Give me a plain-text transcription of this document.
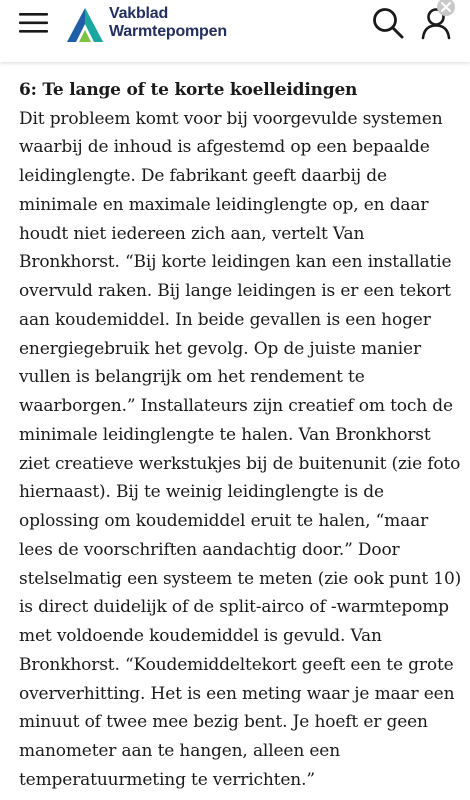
Vakblad
Warmtepompen
6: Te lange of te korte koelleidingen

Dit probleem komt voor bij voorgevulde systemen
waarbij de inhoud is afgestemd op een bepaalde
leidinglengte. De fabrikant geeft daarbij de
minimale en maximale leidinglengte op, en daar
houdt niet iedereen zich aan, vertelt Van
Bronkhorst. “Bij korte leidingen kan een installatie
overvuld raken. Bij lange leidingen is er een tekort
aan koudemiddel. In beide gevallen is een hoger
energiegebruik het gevolg. Op de juiste manier
vullen is belangrijk om het rendement te
waarborgen.” Installateurs zijn creatief om toch de
minimale leidinglengte te halen. Van Bronkhorst
ziet creatieve werkstukjes bij de buitenunit (zie foto
hiernaast). Bij te weinig leidinglengte is de
oplossing om koudemiddel eruit te halen, “maar
lees de voorschriften aandachtig door.” Door
stelselmatig een systeem te meten (zie ook punt 10)
is direct duidelijk of de split-airco of -warmtepomp
met voldoende koudemiddel is gevuld. Van
Bronkhorst. “Koudemiddeltekort geeft een te grote
oververhitting. Het is een meting waar je maar een
minuut of twee mee bezig bent. Je hoeft er geen
manometer aan te hangen, alleen een
temperatuurmeting te verrichten.”
